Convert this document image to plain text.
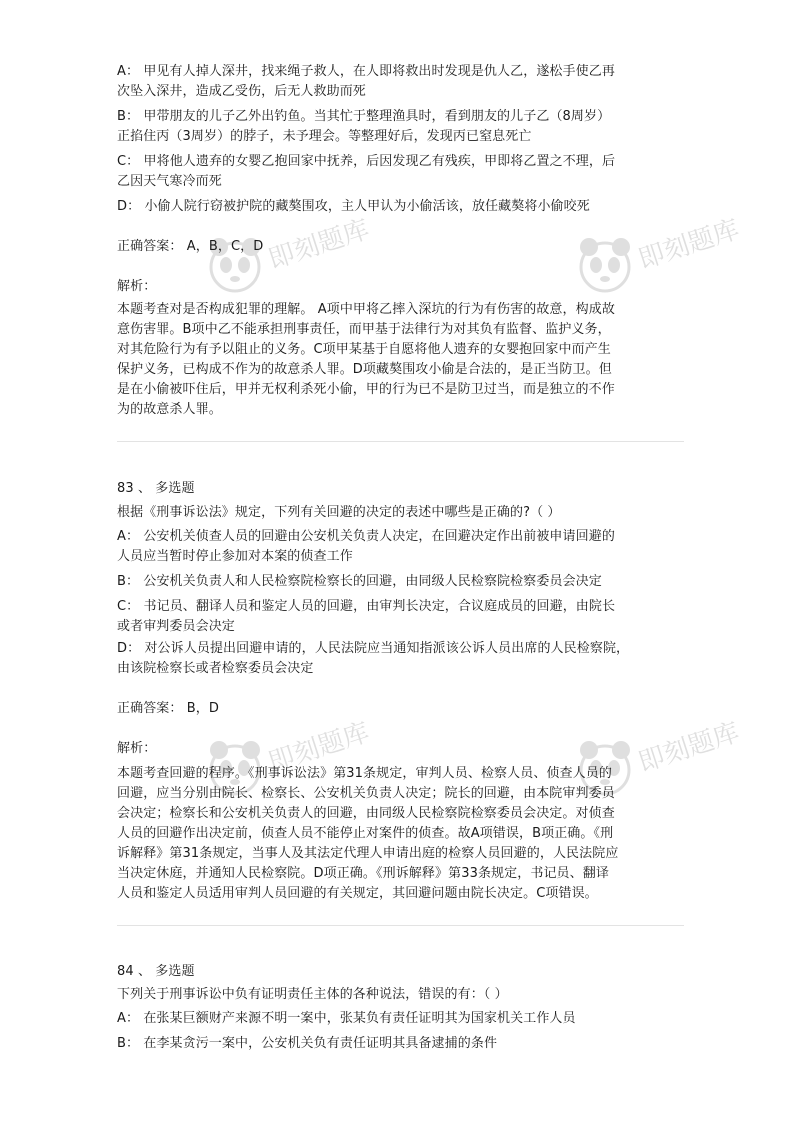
即刻题库	即刻题库
即刻题库	即刻题库
A： 甲见有人掉人深井，找来绳子救人，在人即将救出时发现是仇人乙，遂松手使乙再
次坠入深井，造成乙受伤，后无人救助而死
B： 甲带朋友的儿子乙外出钓鱼。当其忙于整理渔具时，看到朋友的儿子乙（8周岁）
正掐住丙（3周岁）的脖子，未予理会。等整理好后，发现丙已窒息死亡
C： 甲将他人遗弃的女婴乙抱回家中抚养，后因发现乙有残疾，甲即将乙置之不理，后
乙因天气寒冷而死
D： 小偷人院行窃被护院的藏獒围攻，主人甲认为小偷活该，放任藏獒将小偷咬死
正确答案： A，B，C，D
解析：
本题考查对是否构成犯罪的理解。 A项中甲将乙摔入深坑的行为有伤害的故意，构成故
意伤害罪。B项中乙不能承担刑事责任，而甲基于法律行为对其负有监督、监护义务，
对其危险行为有予以阻止的义务。C项甲某基于自愿将他人遗弃的女婴抱回家中而产生
保护义务，已构成不作为的故意杀人罪。D项藏獒围攻小偷是合法的，是正当防卫。但
是在小偷被吓住后，甲并无权利杀死小偷，甲的行为已不是防卫过当，而是独立的不作
为的故意杀人罪。
83 、 多选题
根据《刑事诉讼法》规定，下列有关回避的决定的表述中哪些是正确的?（ ）
A： 公安机关侦查人员的回避由公安机关负责人决定，在回避决定作出前被申请回避的
人员应当暂时停止参加对本案的侦查工作
B： 公安机关负责人和人民检察院检察长的回避，由同级人民检察院检察委员会决定
C： 书记员、翻译人员和鉴定人员的回避，由审判长决定，合议庭成员的回避，由院长
或者审判委员会决定
D： 对公诉人员提出回避申请的，人民法院应当通知指派该公诉人员出席的人民检察院，
由该院检察长或者检察委员会决定
正确答案： B，D
解析：
本题考查回避的程序。《刑事诉讼法》第31条规定，审判人员、检察人员、侦查人员的
回避，应当分别由院长、检察长、公安机关负责人决定；院长的回避，由本院审判委员
会决定；检察长和公安机关负责人的回避，由同级人民检察院检察委员会决定。对侦查
人员的回避作出决定前，侦查人员不能停止对案件的侦查。故A项错误，B项正确。《刑
诉解释》第31条规定，当事人及其法定代理人申请出庭的检察人员回避的，人民法院应
当决定休庭，并通知人民检察院。D项正确。《刑诉解释》第33条规定，书记员、翻译
人员和鉴定人员适用审判人员回避的有关规定，其回避问题由院长决定。C项错误。
84 、 多选题
下列关于刑事诉讼中负有证明责任主体的各种说法，错误的有：（ ）
A： 在张某巨额财产来源不明一案中，张某负有责任证明其为国家机关工作人员
B： 在李某贪污一案中，公安机关负有责任证明其具备逮捕的条件
